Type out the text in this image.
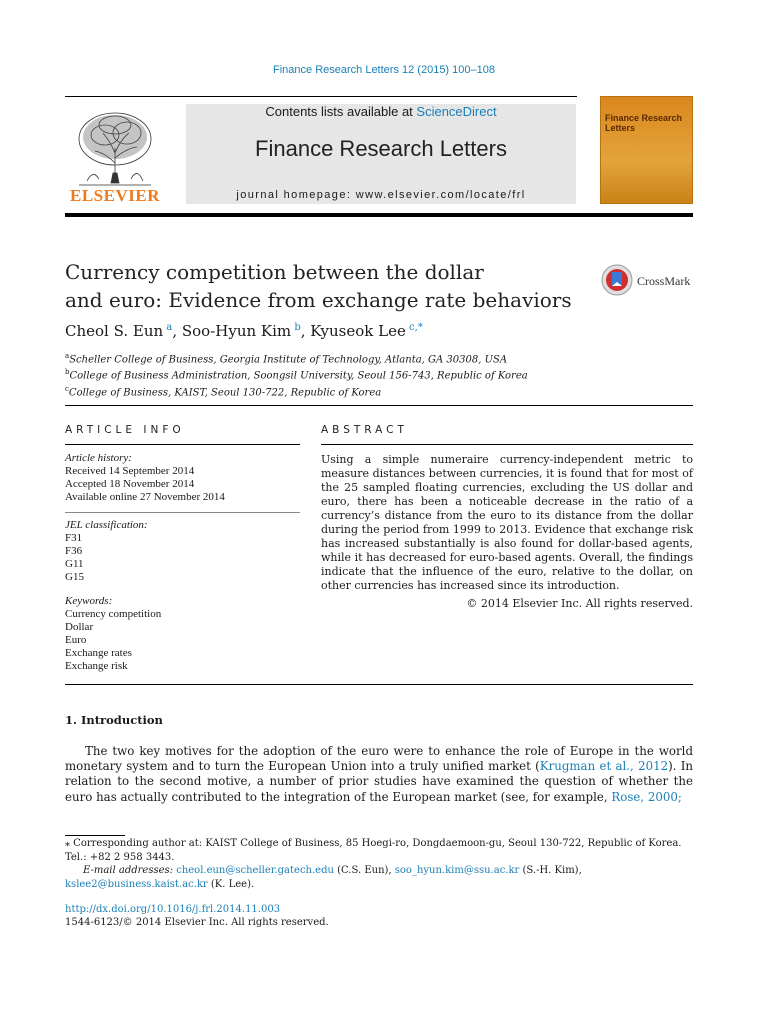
Finance Research Letters 12 (2015) 100–108
ELSEVIER
Contents lists available at ScienceDirect
Finance Research Letters
journal homepage: www.elsevier.com/locate/frl
Finance Research Letters
Currency competition between the dollar
and euro: Evidence from exchange rate behaviors
CrossMark
Cheol S. Eun $^a$, Soo-Hyun Kim $^b$, Kyuseok Lee $^{c,*}$
$^a$Scheller College of Business, Georgia Institute of Technology, Atlanta, GA 30308, USA
$^b$College of Business Administration, Soongsil University, Seoul 156-743, Republic of Korea
$^c$College of Business, KAIST, Seoul 130-722, Republic of Korea
ARTICLE INFO	ABSTRACT
Article history:
Received 14 September 2014
Accepted 18 November 2014
Available online 27 November 2014
JEL classification:
F31
F36
G11
G15
Keywords:
Currency competition
Dollar
Euro
Exchange rates
Exchange risk
Using a simple numeraire currency-independent metric to measure distances between currencies, it is found that for most of the 25 sampled floating currencies, excluding the US dollar and euro, there has been a noticeable decrease in the ratio of a currency’s distance from the euro to its distance from the dollar during the period from 1999 to 2013. Evidence that exchange risk has increased substantially is also found for dollar-based agents, while it has decreased for euro-based agents. Overall, the findings indicate that the influence of the euro, relative to the dollar, on other currencies has increased since its introduction.
© 2014 Elsevier Inc. All rights reserved.
1. Introduction
The two key motives for the adoption of the euro were to enhance the role of Europe in the world monetary system and to turn the European Union into a truly unified market (Krugman et al., 2012). In relation to the second motive, a number of prior studies have examined the question of whether the euro has actually contributed to the integration of the European market (see, for example, Rose, 2000;
⁎ Corresponding author at: KAIST College of Business, 85 Hoegi-ro, Dongdaemoon-gu, Seoul 130-722, Republic of Korea. Tel.: +82 2 958 3443.
E-mail addresses: cheol.eun@scheller.gatech.edu (C.S. Eun), soo_hyun.kim@ssu.ac.kr (S.-H. Kim), kslee2@business.kaist.ac.kr (K. Lee).
http://dx.doi.org/10.1016/j.frl.2014.11.003
1544-6123/© 2014 Elsevier Inc. All rights reserved.
